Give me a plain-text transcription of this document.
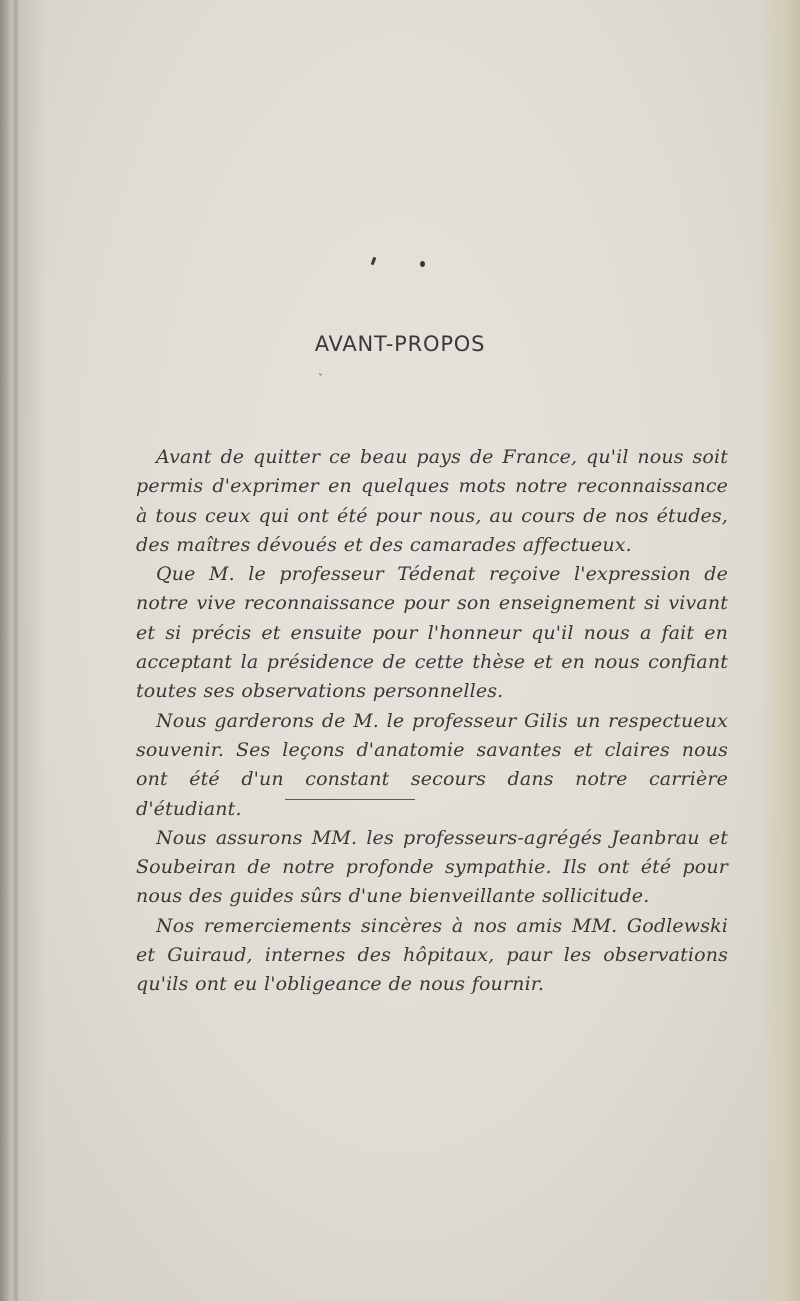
AVANT-PROPOS
ˇ

Avant de quitter ce beau pays de France, qu'il nous soit permis d'exprimer en quelques mots notre reconnaissance à tous ceux qui ont été pour nous, au cours de nos études, des maîtres dévoués et des camarades affectueux.

Que M. le professeur Tédenat reçoive l'expression de notre vive reconnaissance pour son enseignement si vivant et si précis et ensuite pour l'honneur qu'il nous a fait en acceptant la présidence de cette thèse et en nous confiant toutes ses observations personnelles.

Nous garderons de M. le professeur Gilis un respectueux souvenir. Ses leçons d'anatomie savantes et claires nous ont été d'un constant secours dans notre carrière d'étudiant.

Nous assurons MM. les professeurs-agrégés Jeanbrau et Soubeiran de notre profonde sympathie. Ils ont été pour nous des guides sûrs d'une bienveillante sollicitude.

Nos remerciements sincères à nos amis MM. Godlewski et Guiraud, internes des hôpitaux, paur les observations qu'ils ont eu l'obligeance de nous fournir.
